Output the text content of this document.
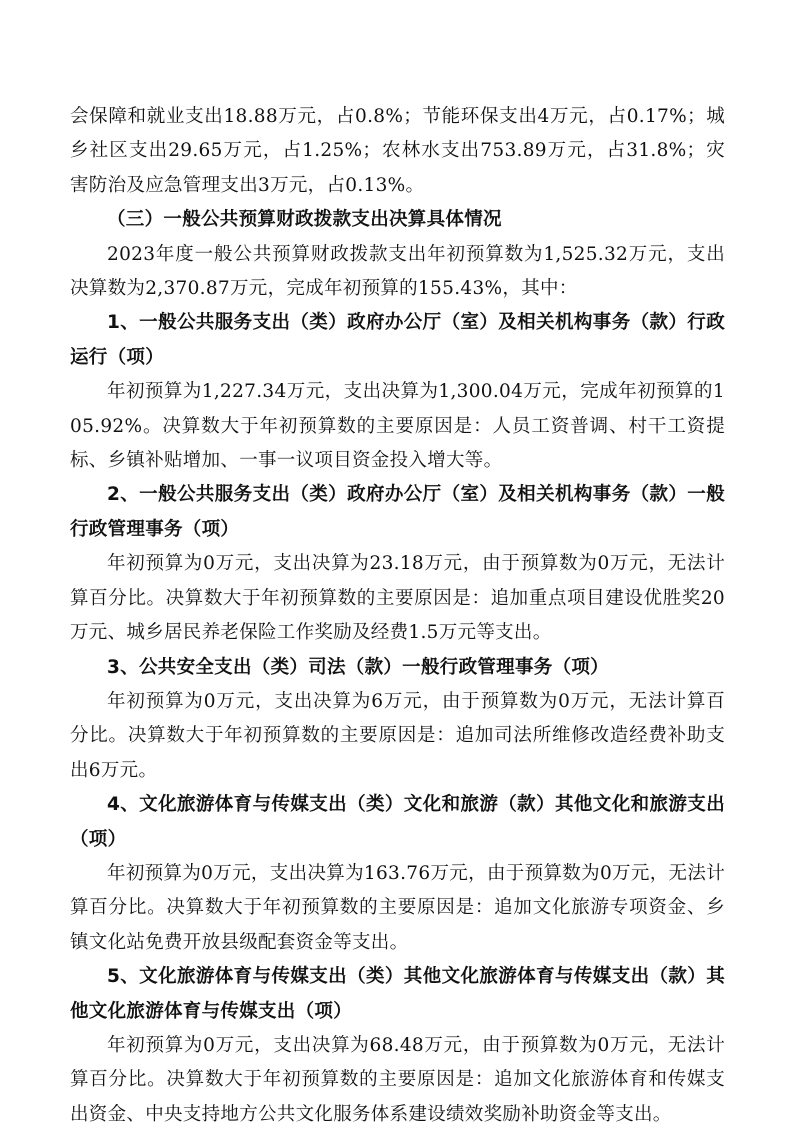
会保障和就业支出18.88万元，占0.8%；节能环保支出4万元，占0.17%；城乡社区支出29.65万元，占1.25%；农林水支出753.89万元，占31.8%；灾害防治及应急管理支出3万元，占0.13%。

（三）一般公共预算财政拨款支出决算具体情况

2023年度一般公共预算财政拨款支出年初预算数为1,525.32万元，支出决算数为2,370.87万元，完成年初预算的155.43%，其中：

1、一般公共服务支出（类）政府办公厅（室）及相关机构事务（款）行政运行（项）

年初预算为1,227.34万元，支出决算为1,300.04万元，完成年初预算的105.92%。决算数大于年初预算数的主要原因是：人员工资普调、村干工资提标、乡镇补贴增加、一事一议项目资金投入增大等。

2、一般公共服务支出（类）政府办公厅（室）及相关机构事务（款）一般行政管理事务（项）

年初预算为0万元，支出决算为23.18万元，由于预算数为0万元，无法计算百分比。决算数大于年初预算数的主要原因是：追加重点项目建设优胜奖20万元、城乡居民养老保险工作奖励及经费1.5万元等支出。

3、公共安全支出（类）司法（款）一般行政管理事务（项）

年初预算为0万元，支出决算为6万元，由于预算数为0万元，无法计算百分比。决算数大于年初预算数的主要原因是：追加司法所维修改造经费补助支出6万元。

4、文化旅游体育与传媒支出（类）文化和旅游（款）其他文化和旅游支出（项）

年初预算为0万元，支出决算为163.76万元，由于预算数为0万元，无法计算百分比。决算数大于年初预算数的主要原因是：追加文化旅游专项资金、乡镇文化站免费开放县级配套资金等支出。

5、文化旅游体育与传媒支出（类）其他文化旅游体育与传媒支出（款）其他文化旅游体育与传媒支出（项）

年初预算为0万元，支出决算为68.48万元，由于预算数为0万元，无法计算百分比。决算数大于年初预算数的主要原因是：追加文化旅游体育和传媒支出资金、中央支持地方公共文化服务体系建设绩效奖励补助资金等支出。
